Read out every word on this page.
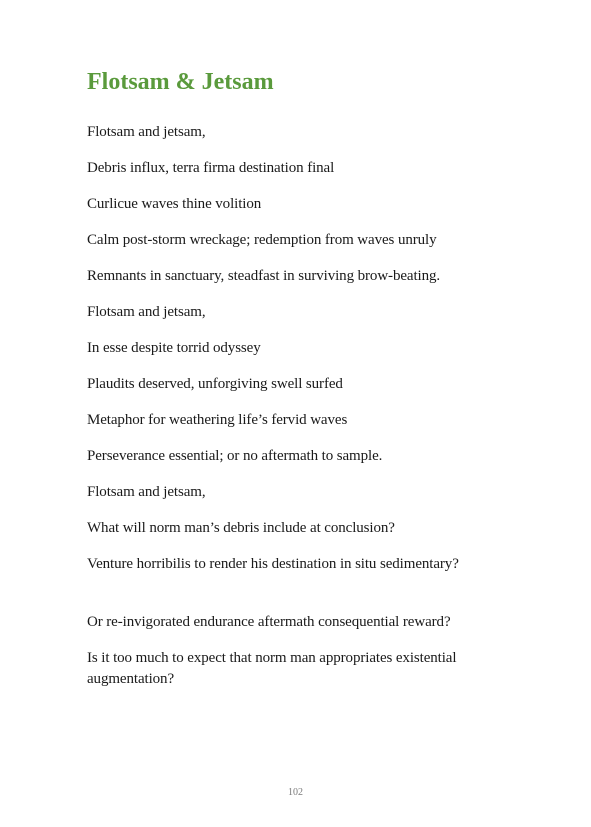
Flotsam & Jetsam

Flotsam and jetsam,

Debris influx, terra firma destination final

Curlicue waves thine volition

Calm post-storm wreckage; redemption from waves unruly

Remnants in sanctuary, steadfast in surviving brow-beating.

Flotsam and jetsam,

In esse despite torrid odyssey

Plaudits deserved, unforgiving swell surfed

Metaphor for weathering life’s fervid waves

Perseverance essential; or no aftermath to sample.

Flotsam and jetsam,

What will norm man’s debris include at conclusion?

Venture horribilis to render his destination in situ sedimentary?

Or re-invigorated endurance aftermath consequential reward?

Is it too much to expect that norm man appropriates existential augmentation?

102
